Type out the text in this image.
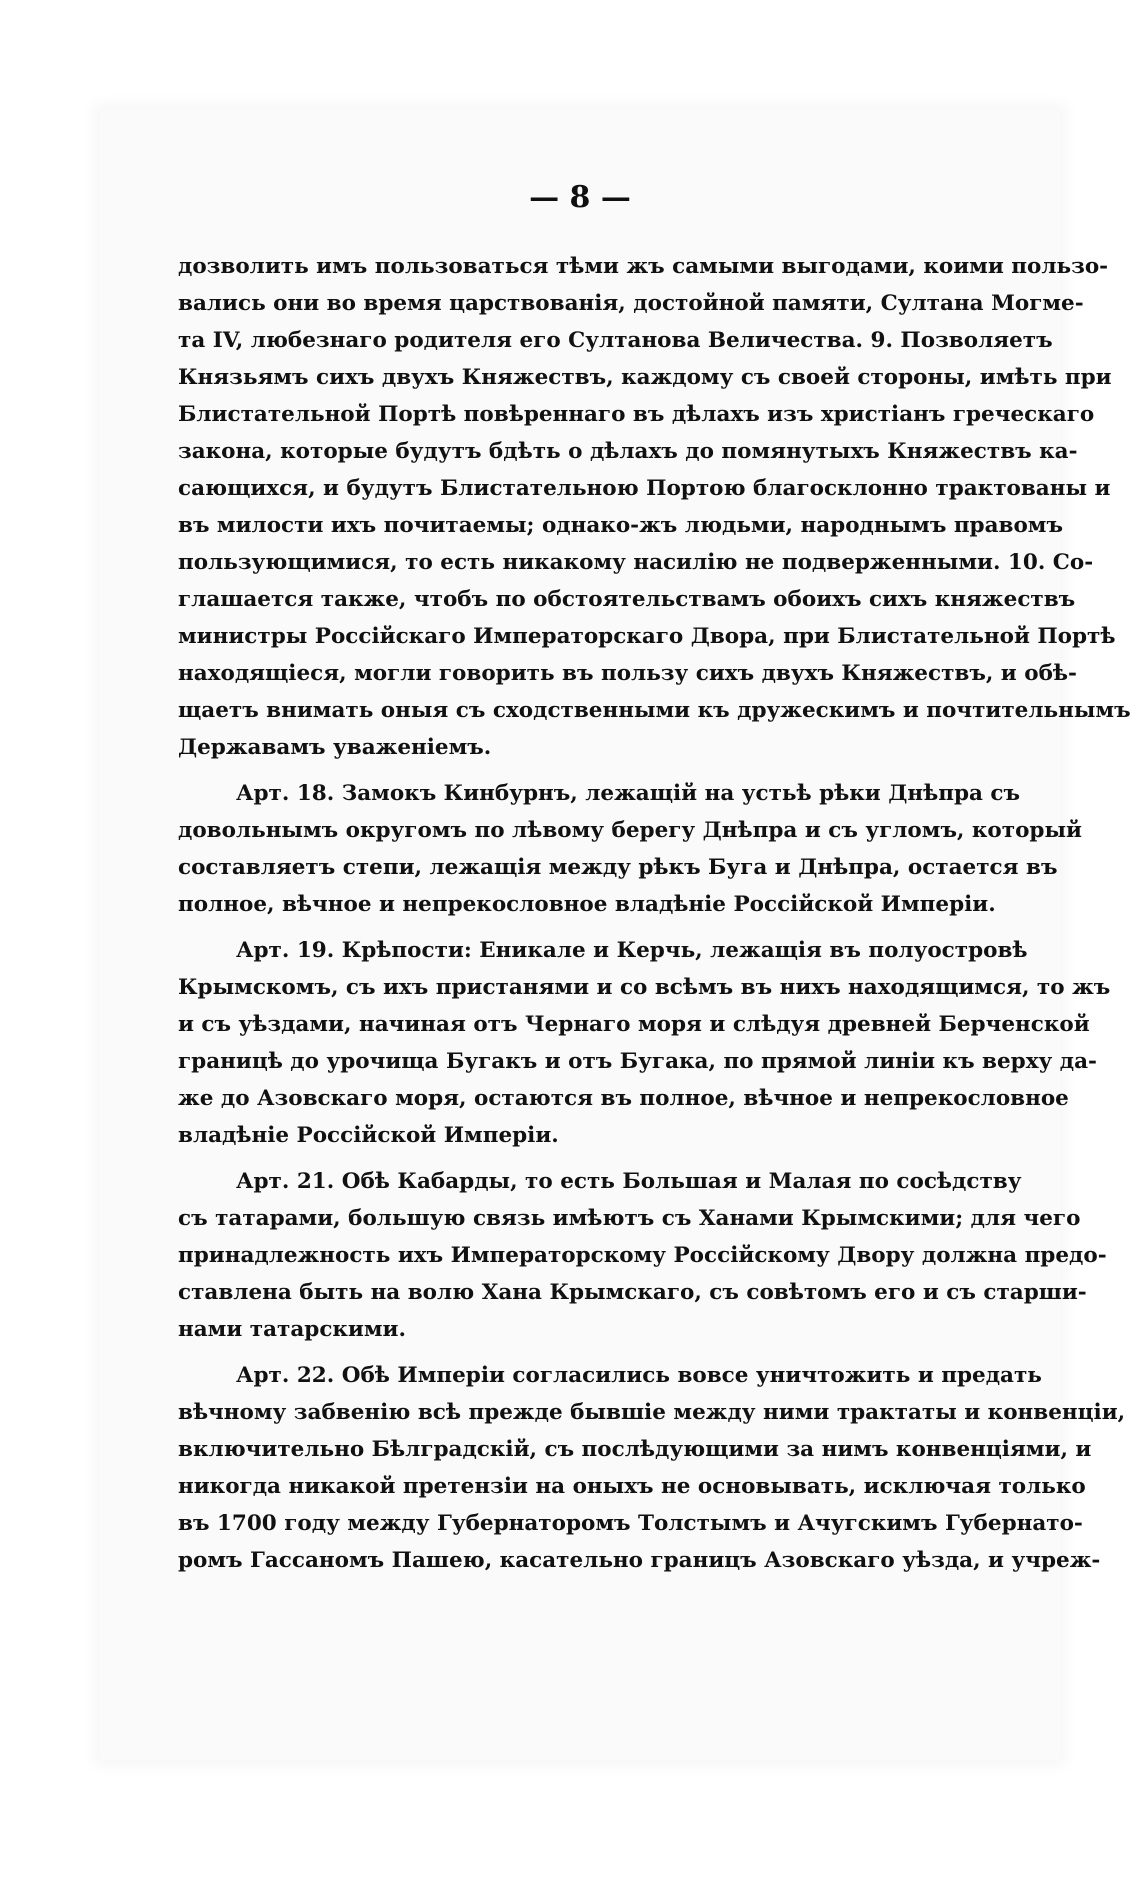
— 8 —
дозволить имъ пользоваться тѣми жъ самыми выгодами, коими пользо-
вались они во время царствованія, достойной памяти, Султана Могме-
та IV, любезнаго родителя его Султанова Величества. 9. Позволяетъ
Князьямъ сихъ двухъ Княжествъ, каждому съ своей стороны, имѣть при
Блистательной Портѣ повѣреннаго въ дѣлахъ изъ христіанъ греческаго
закона, которые будутъ бдѣть о дѣлахъ до помянутыхъ Княжествъ ка-
сающихся, и будутъ Блистательною Портою благосклонно трактованы и
въ милости ихъ почитаемы; однако-жъ людьми, народнымъ правомъ
пользующимися, то есть никакому насилію не подверженными. 10. Со-
глашается также, чтобъ по обстоятельствамъ обоихъ сихъ княжествъ
министры Россійскаго Императорскаго Двора, при Блистательной Портѣ
находящіеся, могли говорить въ пользу сихъ двухъ Княжествъ, и обѣ-
щаетъ внимать оныя съ сходственными къ дружескимъ и почтительнымъ
Державамъ уваженіемъ.
Арт. 18. Замокъ Кинбурнъ, лежащій на устьѣ рѣки Днѣпра съ
довольнымъ округомъ по лѣвому берегу Днѣпра и съ угломъ, который
составляетъ степи, лежащія между рѣкъ Буга и Днѣпра, остается въ
полное, вѣчное и непрекословное владѣніе Россійской Имперіи.
Арт. 19. Крѣпости: Еникале и Керчь, лежащія въ полуостровѣ
Крымскомъ, съ ихъ пристанями и со всѣмъ въ нихъ находящимся, то жъ
и съ уѣздами, начиная отъ Чернаго моря и слѣдуя древней Берченской
границѣ до урочища Бугакъ и отъ Бугака, по прямой линіи къ верху да-
же до Азовскаго моря, остаются въ полное, вѣчное и непрекословное
владѣніе Россійской Имперіи.
Арт. 21. Обѣ Кабарды, то есть Большая и Малая по сосѣдству
съ татарами, большую связь имѣютъ съ Ханами Крымскими; для чего
принадлежность ихъ Императорскому Россійскому Двору должна предо-
ставлена быть на волю Хана Крымскаго, съ совѣтомъ его и съ старши-
нами татарскими.
Арт. 22. Обѣ Имперіи согласились вовсе уничтожить и предать
вѣчному забвенію всѣ прежде бывшіе между ними трактаты и конвенціи,
включительно Бѣлградскій, съ послѣдующими за нимъ конвенціями, и
никогда никакой претензіи на оныхъ не основывать, исключая только
въ 1700 году между Губернаторомъ Толстымъ и Ачугскимъ Губернато-
ромъ Гассаномъ Пашею, касательно границъ Азовскаго уѣзда, и учреж-
